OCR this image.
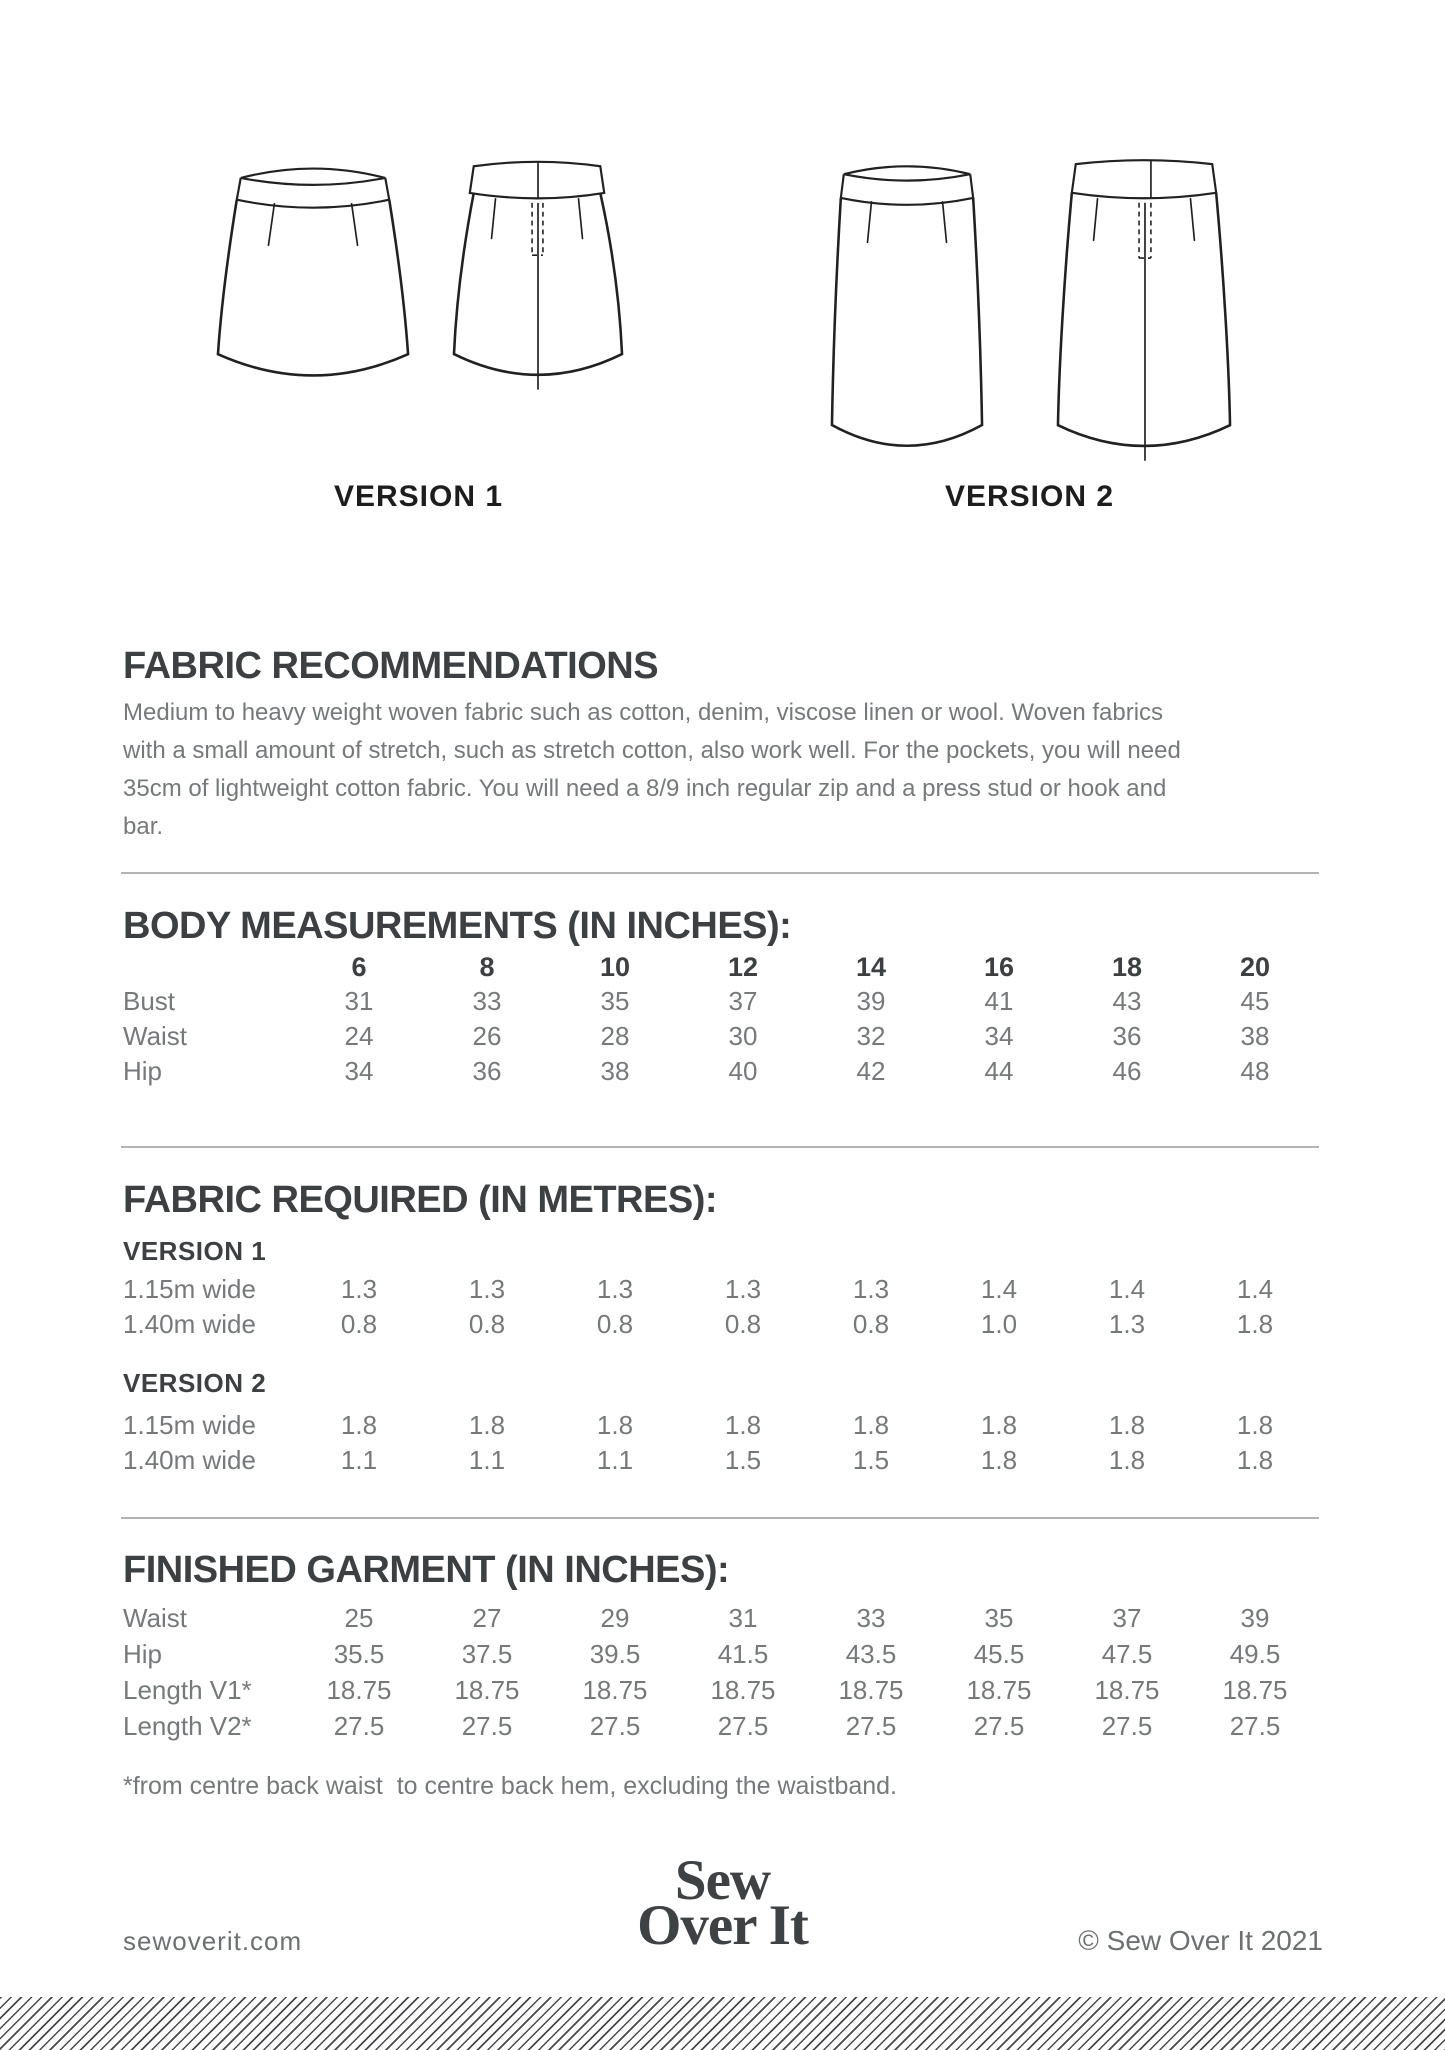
VERSION 1	VERSION 2
FABRIC RECOMMENDATIONS
Medium to heavy weight woven fabric such as cotton, denim, viscose linen or wool. Woven fabrics
with a small amount of stretch, such as stretch cotton, also work well. For the pockets, you will need
35cm of lightweight cotton fabric. You will need a 8/9 inch regular zip and a press stud or hook and
bar.
BODY MEASUREMENTS (IN INCHES):
6	8	10	12	14	16	18	20
Bust	31	33	35	37	39	41	43	45
Waist	24	26	28	30	32	34	36	38
Hip	34	36	38	40	42	44	46	48
FABRIC REQUIRED (IN METRES):
VERSION 1
1.15m wide	1.3	1.3	1.3	1.3	1.3	1.4	1.4	1.4
1.40m wide	0.8	0.8	0.8	0.8	0.8	1.0	1.3	1.8
VERSION 2
1.15m wide	1.8	1.8	1.8	1.8	1.8	1.8	1.8	1.8
1.40m wide	1.1	1.1	1.1	1.5	1.5	1.8	1.8	1.8
FINISHED GARMENT (IN INCHES):
Waist	25	27	29	31	33	35	37	39
Hip	35.5	37.5	39.5	41.5	43.5	45.5	47.5	49.5
Length V1*	18.75	18.75	18.75	18.75	18.75	18.75	18.75	18.75
Length V2*	27.5	27.5	27.5	27.5	27.5	27.5	27.5	27.5
*from centre back waist  to centre back hem, excluding the waistband.
sewoverit.com
Sew
Over It	© Sew Over It 2021
